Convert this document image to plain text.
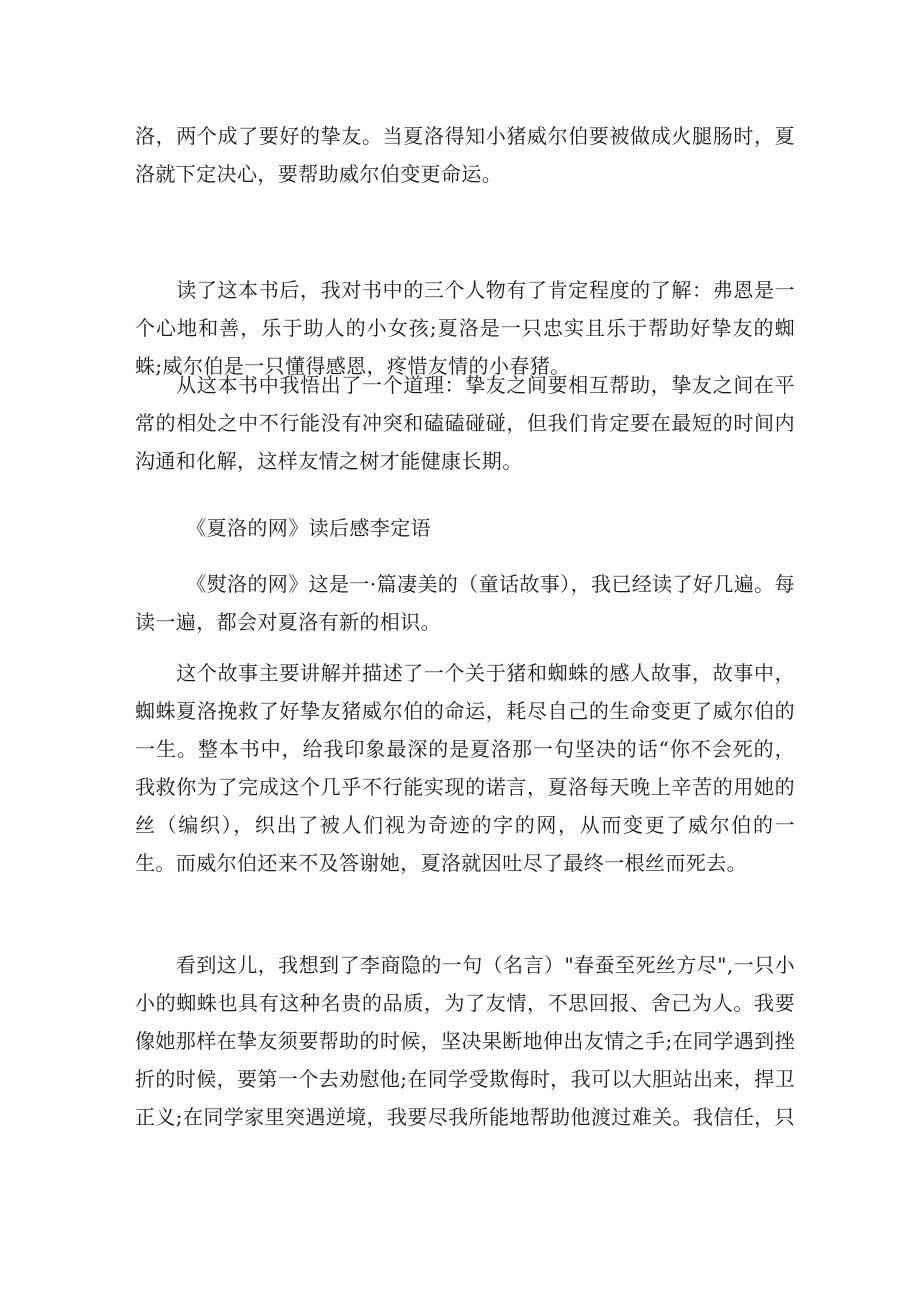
洛，两个成了要好的挚友。当夏洛得知小猪威尔伯要被做成火腿肠时，夏洛就下定决心，要帮助威尔伯变更命运。

　　读了这本书后，我对书中的三个人物有了肯定程度的了解：弗恩是一个心地和善，乐于助人的小女孩;夏洛是一只忠实且乐于帮助好挚友的蜘蛛;威尔伯是一只懂得感恩，疼惜友情的小春猪。

　　从这本书中我悟出了一个道理：挚友之间要相互帮助，挚友之间在平常的相处之中不行能没有冲突和磕磕碰碰，但我们肯定要在最短的时间内沟通和化解，这样友情之树才能健康长期。

　　　《夏洛的网》读后感李定语

　　　《熨洛的网》这是一·篇凄美的（童话故事），我已经读了好几遍。每读一遍，都会对夏洛有新的相识。

　　这个故事主要讲解并描述了一个关于猪和蜘蛛的感人故事，故事中，蜘蛛夏洛挽救了好挚友猪威尔伯的命运，耗尽自己的生命变更了威尔伯的一生。整本书中，给我印象最深的是夏洛那一句坚决的话“你不会死的，我救你为了完成这个几乎不行能实现的诺言，夏洛每天晚上辛苦的用她的丝（编织），织出了被人们视为奇迹的字的网，从而变更了威尔伯的一生。而威尔伯还来不及答谢她，夏洛就因吐尽了最终一根丝而死去。

　　看到这儿，我想到了李商隐的一句（名言）"春蚕至死丝方尽",一只小小的蜘蛛也具有这种名贵的品质，为了友情，不思回报、舍己为人。我要像她那样在挚友须要帮助的时候，坚决果断地伸出友情之手;在同学遇到挫折的时候，要第一个去劝慰他;在同学受欺侮时，我可以大胆站出来，捍卫正义;在同学家里突遇逆境，我要尽我所能地帮助他渡过难关。我信任，只
